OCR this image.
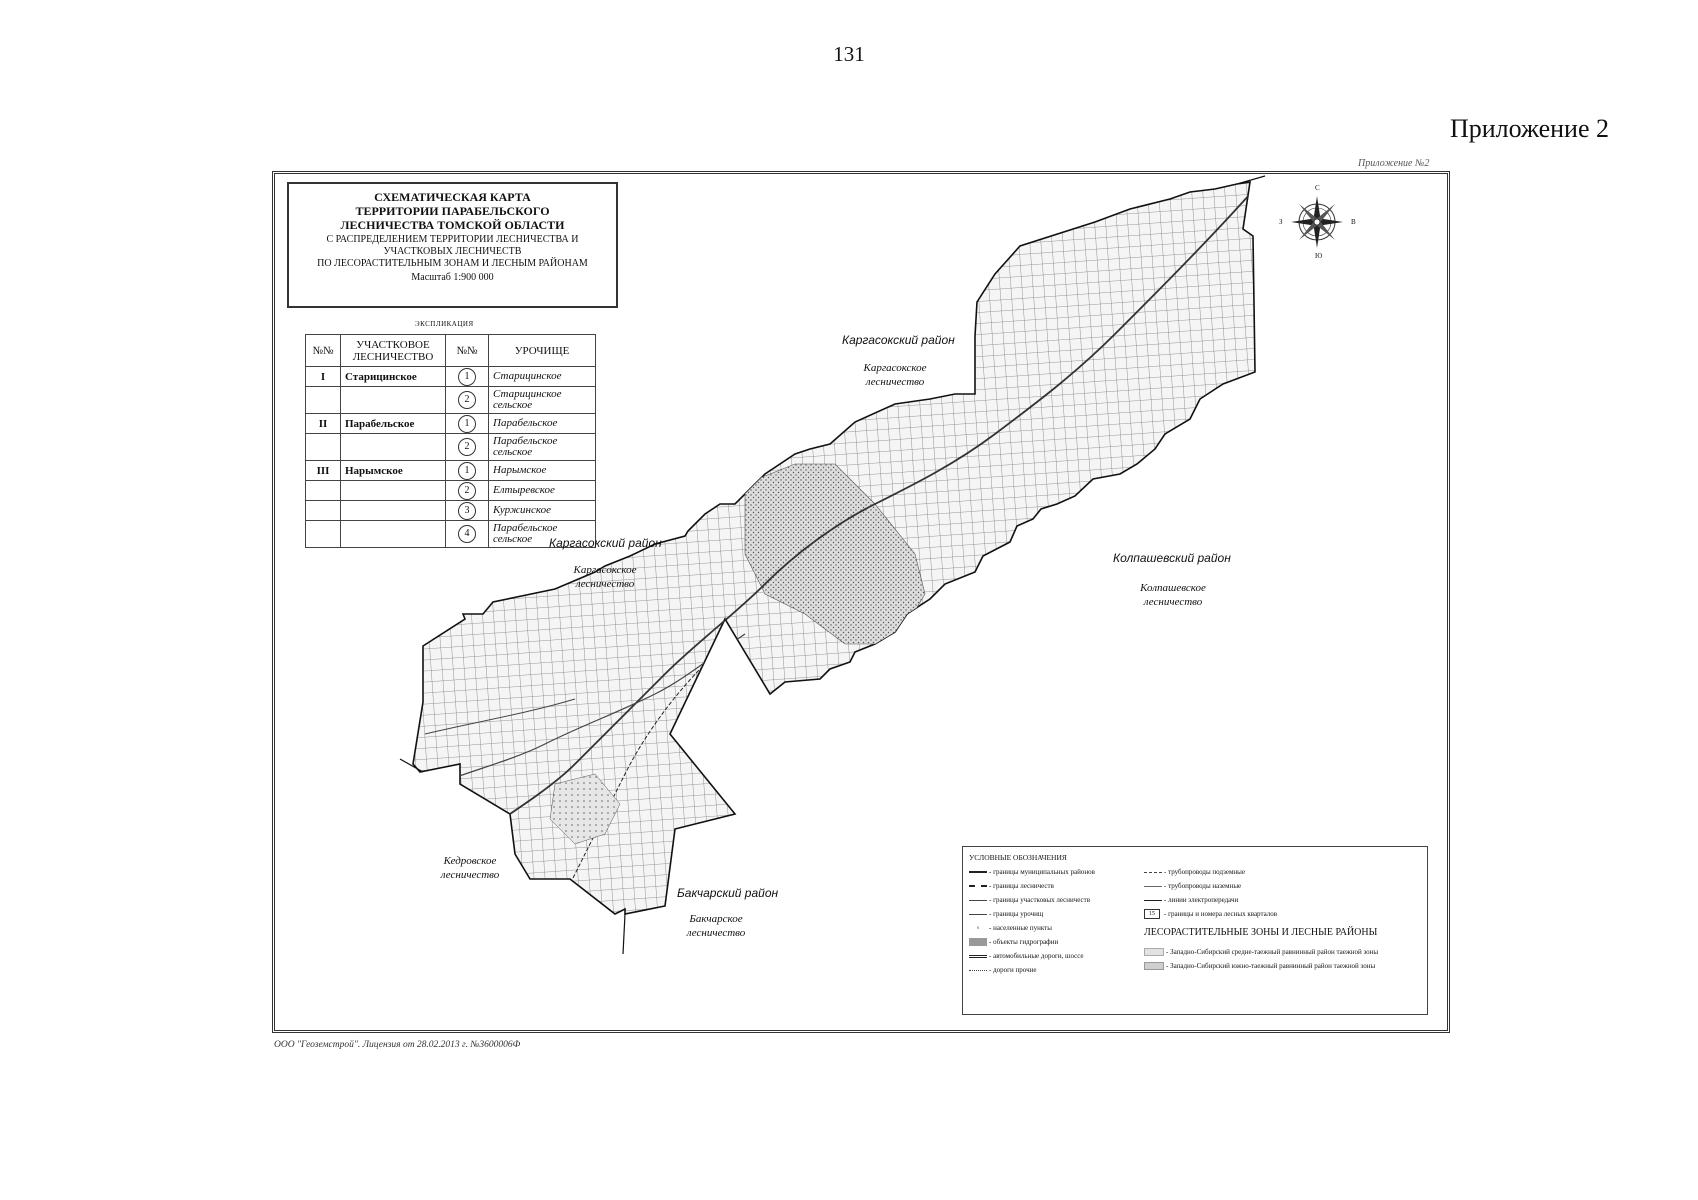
131
Приложение 2
Приложение №2
СХЕМАТИЧЕСКАЯ КАРТА
ТЕРРИТОРИИ ПАРАБЕЛЬСКОГО
ЛЕСНИЧЕСТВА ТОМСКОЙ ОБЛАСТИ
С РАСПРЕДЕЛЕНИЕМ ТЕРРИТОРИИ ЛЕСНИЧЕСТВА И
УЧАСТКОВЫХ ЛЕСНИЧЕСТВ
ПО ЛЕСОРАСТИТЕЛЬНЫМ ЗОНАМ И ЛЕСНЫМ РАЙОНАМ
Масштаб 1:900 000
ЭКСПЛИКАЦИЯ
№№	УЧАСТКОВОЕ ЛЕСНИЧЕСТВО	№№	УРОЧИЩЕ
I	Старицинское	1	Старицинское
		2	Старицинское сельское
II	Парабельское	1	Парабельское
		2	Парабельское сельское
III	Нарымское	1	Нарымское
		2	Елтыревское
		3	Куржинское
		4	Парабельское сельское
С
Ю
З	В
Каргасокский район
Каргасокское
лесничество
Каргасокский район
Каргасокское
лесничество
Колпашевский район
Колпашевское
лесничество
Кедровское
лесничество
Бакчарский район
Бакчарское
лесничество
УСЛОВНЫЕ ОБОЗНАЧЕНИЯ
- границы муниципальных районов
- границы лесничеств
- границы участковых лесничеств
- границы урочищ
◦ - населенные пункты
- объекты гидрографии
- автомобильные дороги, шоссе
- дороги прочие
- трубопроводы подземные
- трубопроводы наземные
- линии электропередачи
15 - границы и номера лесных кварталов
ЛЕСОРАСТИТЕЛЬНЫЕ ЗОНЫ И ЛЕСНЫЕ РАЙОНЫ
- Западно-Сибирский средне-таежный равнинный район таежной зоны
- Западно-Сибирский южно-таежный равнинный район таежной зоны
ООО "Геоземстрой". Лицензия от 28.02.2013 г. №3600006Ф
